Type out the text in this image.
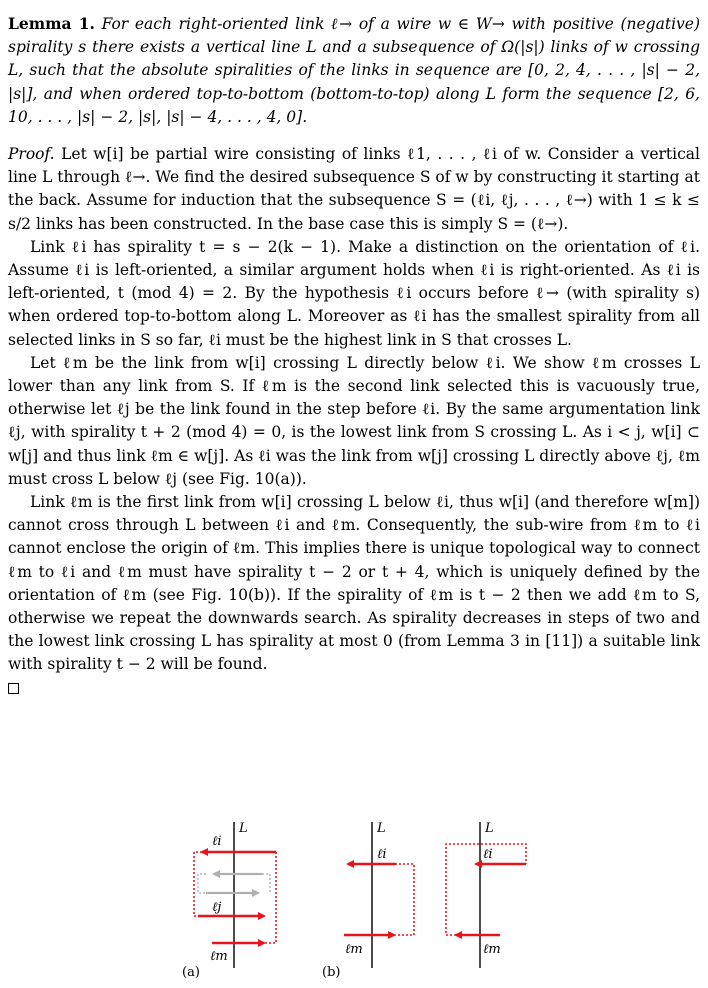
Lemma 1. For each right-oriented link ℓ→ of a wire w ∈ W→ with positive (negative) spirality s there exists a vertical line L and a subsequence of Ω(|s|) links of w crossing L, such that the absolute spiralities of the links in sequence are [0, 2, 4, . . . , |s| − 2, |s|], and when ordered top-to-bottom (bottom-to-top) along L form the sequence [2, 6, 10, . . . , |s| − 2, |s|, |s| − 4, . . . , 4, 0].

Proof. Let w[i] be partial wire consisting of links ℓ1, . . . , ℓi of w. Consider a vertical line L through ℓ→. We find the desired subsequence S of w by constructing it starting at the back. Assume for induction that the subsequence S = (ℓi, ℓj, . . . , ℓ→) with 1 ≤ k ≤ s/2 links has been constructed. In the base case this is simply S = (ℓ→).

Link ℓi has spirality t = s − 2(k − 1). Make a distinction on the orientation of ℓi. Assume ℓi is left-oriented, a similar argument holds when ℓi is right-oriented. As ℓi is left-oriented, t (mod 4) = 2. By the hypothesis ℓi occurs before ℓ→ (with spirality s) when ordered top-to-bottom along L. Moreover as ℓi has the smallest spirality from all selected links in S so far, ℓi must be the highest link in S that crosses L.

Let ℓm be the link from w[i] crossing L directly below ℓi. We show ℓm crosses L lower than any link from S. If ℓm is the second link selected this is vacuously true, otherwise let ℓj be the link found in the step before ℓi. By the same argumentation link ℓj, with spirality t + 2 (mod 4) = 0, is the lowest link from S crossing L. As i < j, w[i] ⊂ w[j] and thus link ℓm ∈ w[j]. As ℓi was the link from w[j] crossing L directly above ℓj, ℓm must cross L below ℓj (see Fig. 10(a)).

Link ℓm is the first link from w[i] crossing L below ℓi, thus w[i] (and therefore w[m]) cannot cross through L between ℓi and ℓm. Consequently, the sub-wire from ℓm to ℓi cannot enclose the origin of ℓm. This implies there is unique topological way to connect ℓm to ℓi and ℓm must have spirality t − 2 or t + 4, which is uniquely defined by the orientation of ℓm (see Fig. 10(b)). If the spirality of ℓm is t − 2 then we add ℓm to S, otherwise we repeat the downwards search. As spirality decreases in steps of two and the lowest link crossing L has spirality at most 0 (from Lemma 3 in [11]) a suitable link with spirality t − 2 will be found.

L
ℓi
ℓj
ℓm
(a)
L
ℓi
ℓm
(b)
L
ℓi
ℓm
